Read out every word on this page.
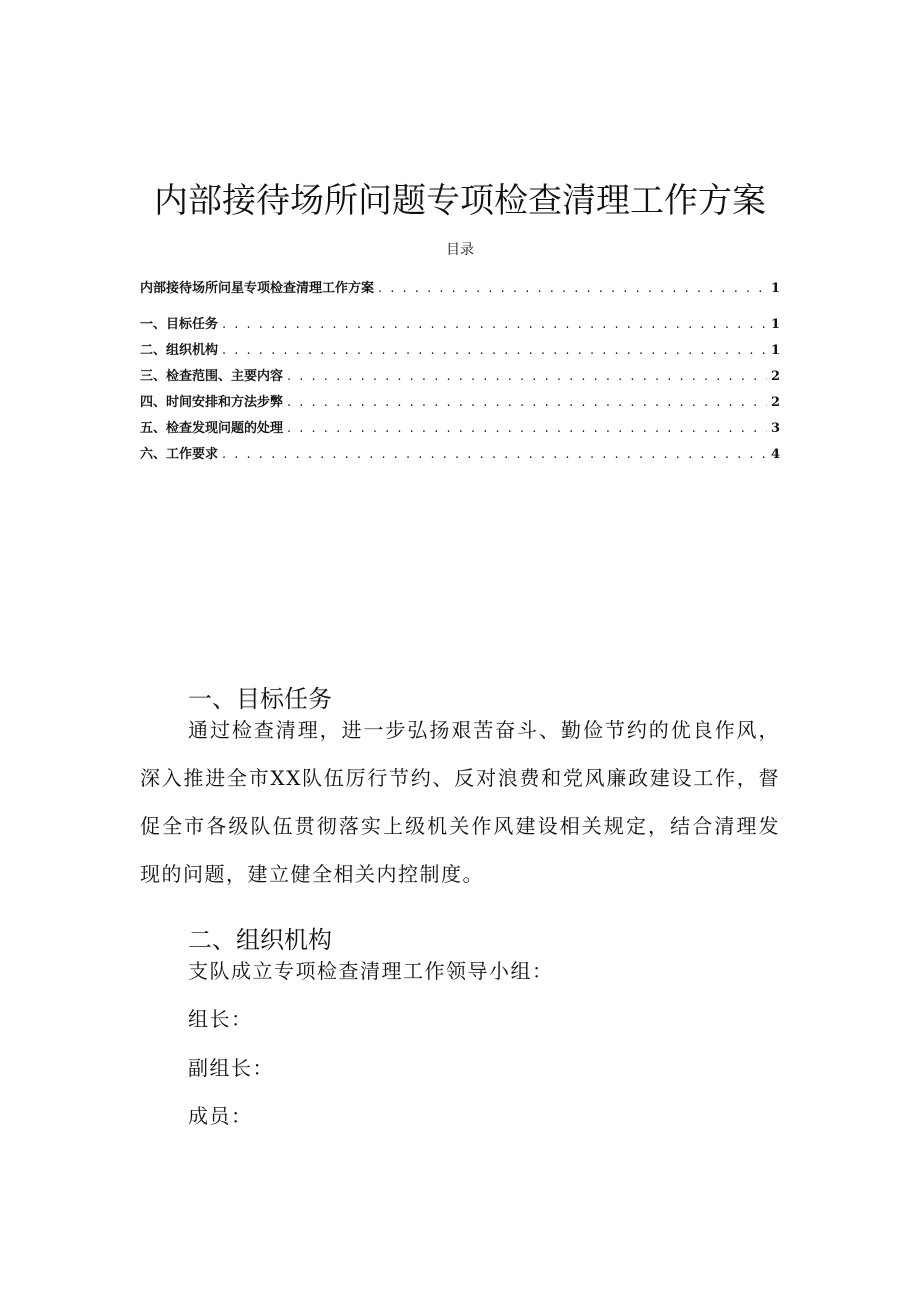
内部接待场所问题专项检查清理工作方案
目录
内部接待场所问星专项检查清理工作方案 . . .	1
一、目标任务 . . .	1
二、组织机构 . . .	1
三、检查范围、主要内容 . . .	2
四、时间安排和方法步弊 . . .	2
五、检查发现问题的处理 . . .	3
六、工作要求 . . .	4
一、目标任务

通过检查清理，进一步弘扬艰苦奋斗、勤俭节约的优良作风，深入推进全市XX队伍厉行节约、反对浪费和党风廉政建设工作，督促全市各级队伍贯彻落实上级机关作风建设相关规定，结合清理发现的问题，建立健全相关内控制度。

二、组织机构
支队成立专项检查清理工作领导小组：
组长：
副组长：
成员：
